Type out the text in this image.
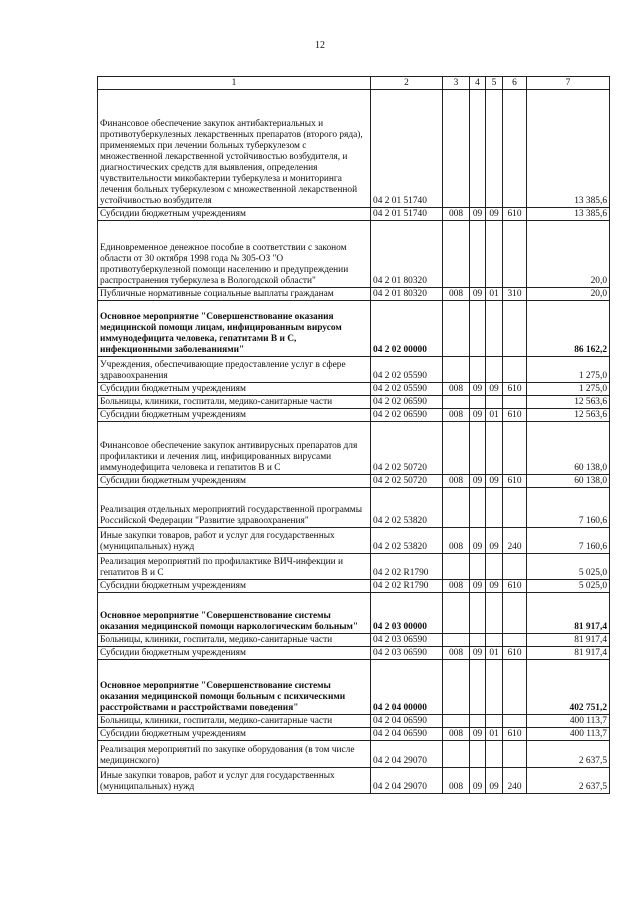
12
1	2	3	4	5	6	7
Финансовое обеспечение закупок антибактериальных и противотуберкулезных лекарственных препаратов (второго ряда), применяемых при лечении больных туберкулезом с множественной лекарственной устойчивостью возбудителя, и диагностических средств для выявления, определения чувствительности микобактерии туберкулеза и мониторинга лечения больных туберкулезом с множественной лекарственной устойчивостью возбудителя	04 2 01 51740					13 385,6
Субсидии бюджетным учреждениям	04 2 01 51740	008	09	09	610	13 385,6
Единовременное денежное пособие в соответствии с законом области от 30 октября 1998 года № 305-ОЗ "О противотуберкулезной помощи населению и предупреждении распространения туберкулеза в Вологодской области"	04 2 01 80320					20,0
Публичные нормативные социальные выплаты гражданам	04 2 01 80320	008	09	01	310	20,0
Основное мероприятие "Совершенствование оказания медицинской помощи лицам, инфицированным вирусом иммунодефицита человека, гепатитами B и C, инфекционными заболеваниями"	04 2 02 00000					86 162,2
Учреждения, обеспечивающие предоставление услуг в сфере здравоохранения	04 2 02 05590					1 275,0
Субсидии бюджетным учреждениям	04 2 02 05590	008	09	09	610	1 275,0
Больницы, клиники, госпитали, медико-санитарные части	04 2 02 06590					12 563,6
Субсидии бюджетным учреждениям	04 2 02 06590	008	09	01	610	12 563,6
Финансовое обеспечение закупок антивирусных препаратов для профилактики и лечения лиц, инфицированных вирусами иммунодефицита человека и гепатитов B и C	04 2 02 50720					60 138,0
Субсидии бюджетным учреждениям	04 2 02 50720	008	09	09	610	60 138,0
Реализация отдельных мероприятий государственной программы Российской Федерации "Развитие здравоохранения"	04 2 02 53820					7 160,6
Иные закупки товаров, работ и услуг для государственных (муниципальных) нужд	04 2 02 53820	008	09	09	240	7 160,6
Реализация мероприятий по профилактике ВИЧ-инфекции и гепатитов B и C	04 2 02 R1790					5 025,0
Субсидии бюджетным учреждениям	04 2 02 R1790	008	09	09	610	5 025,0
Основное мероприятие "Совершенствование системы оказания медицинской помощи наркологическим больным"	04 2 03 00000					81 917,4
Больницы, клиники, госпитали, медико-санитарные части	04 2 03 06590					81 917,4
Субсидии бюджетным учреждениям	04 2 03 06590	008	09	01	610	81 917,4
Основное мероприятие "Совершенствование системы оказания медицинской помощи больным с психическими расстройствами и расстройствами поведения"	04 2 04 00000					402 751,2
Больницы, клиники, госпитали, медико-санитарные части	04 2 04 06590					400 113,7
Субсидии бюджетным учреждениям	04 2 04 06590	008	09	01	610	400 113,7
Реализация мероприятий по закупке оборудования (в том числе медицинского)	04 2 04 29070					2 637,5
Иные закупки товаров, работ и услуг для государственных (муниципальных) нужд	04 2 04 29070	008	09	09	240	2 637,5
